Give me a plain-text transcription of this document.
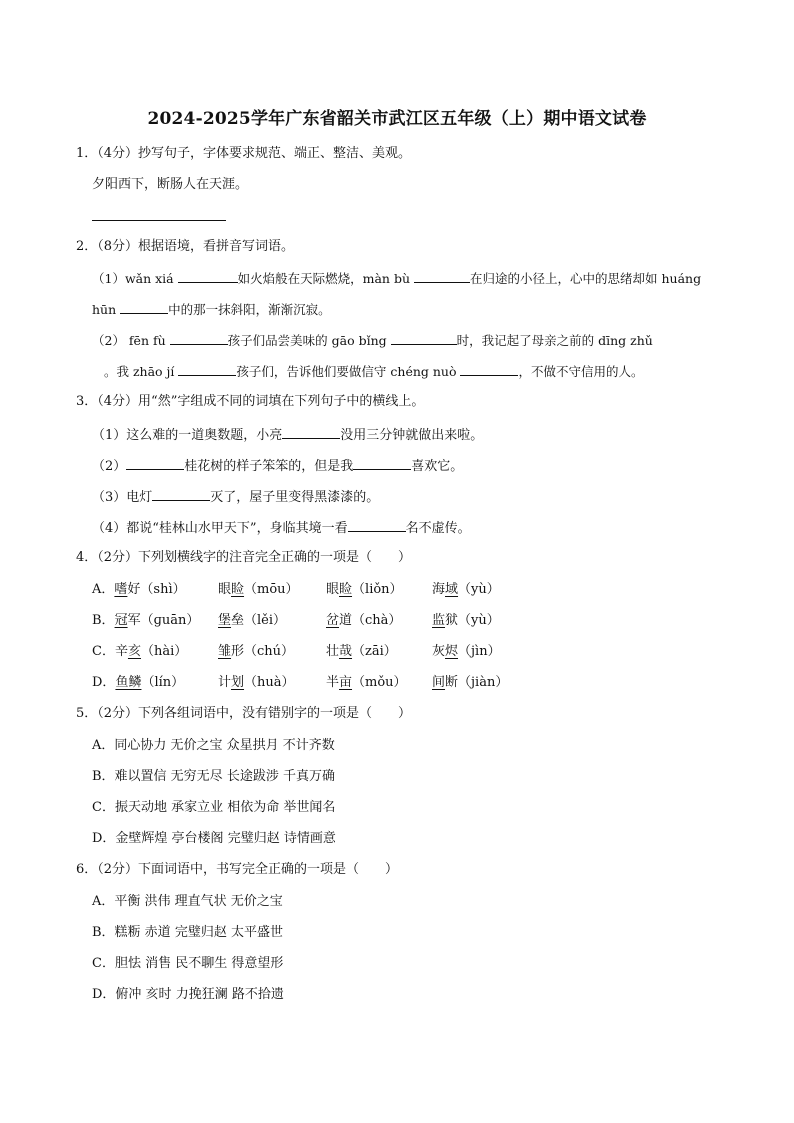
2024-2025学年广东省韶关市武江区五年级（上）期中语文试卷
1．（4分）抄写句子，字体要求规范、端正、整洁、美观。
夕阳西下，断肠人在天涯。
2．（8分）根据语境，看拼音写词语。
（1）wǎn xiá	如火焰般在天际燃烧，màn bù	在归途的小径上，心中的思绪却如 huáng
hūn	中的那一抹斜阳，渐渐沉寂。
（2） fēn fù	孩子们品尝美味的 gāo bǐng	时，我记起了母亲之前的 dīng zhǔ
。我 zhāo jí	孩子们，告诉他们要做信守 chéng nuò	，不做不守信用的人。
3．（4分）用“然”字组成不同的词填在下列句子中的横线上。
（1）这么难的一道奥数题，小亮	没用三分钟就做出来啦。
（2）	桂花树的样子笨笨的，但是我	喜欢它。
（3）电灯	灭了，屋子里变得黑漆漆的。
（4）都说“桂林山水甲天下”，身临其境一看	名不虚传。
4．（2分）下列划横线字的注音完全正确的一项是（　　）
A．嗜好（shì） 眼睑（mōu） 眼睑（liǒn） 海域（yù）
B．冠军（ɡuān） 堡垒（lěi）	岔道（chà） 监狱（yù）
C．辛亥（hài） 雏形（chú） 壮哉（zāi）	灰烬（jìn）
D．鱼鳞（lín）	计划（huà） 半亩（mǒu） 间断（jiàn）
5．（2分）下列各组词语中，没有错别字的一项是（　　）
A．同心协力 无价之宝 众星拱月 不计齐数
B．难以置信 无穷无尽 长途跋涉 千真万确
C．振天动地 承家立业 相依为命 举世闻名
D．金壁辉煌 亭台楼阁 完璧归赵 诗情画意
6．（2分）下面词语中，书写完全正确的一项是（　　）
A．平衡 洪伟 理直气状 无价之宝
B．糕粝 赤道 完璧归赵 太平盛世
C．胆怯 消售 民不聊生 得意望形
D．俯冲 亥时 力挽狂澜 路不拾遗
